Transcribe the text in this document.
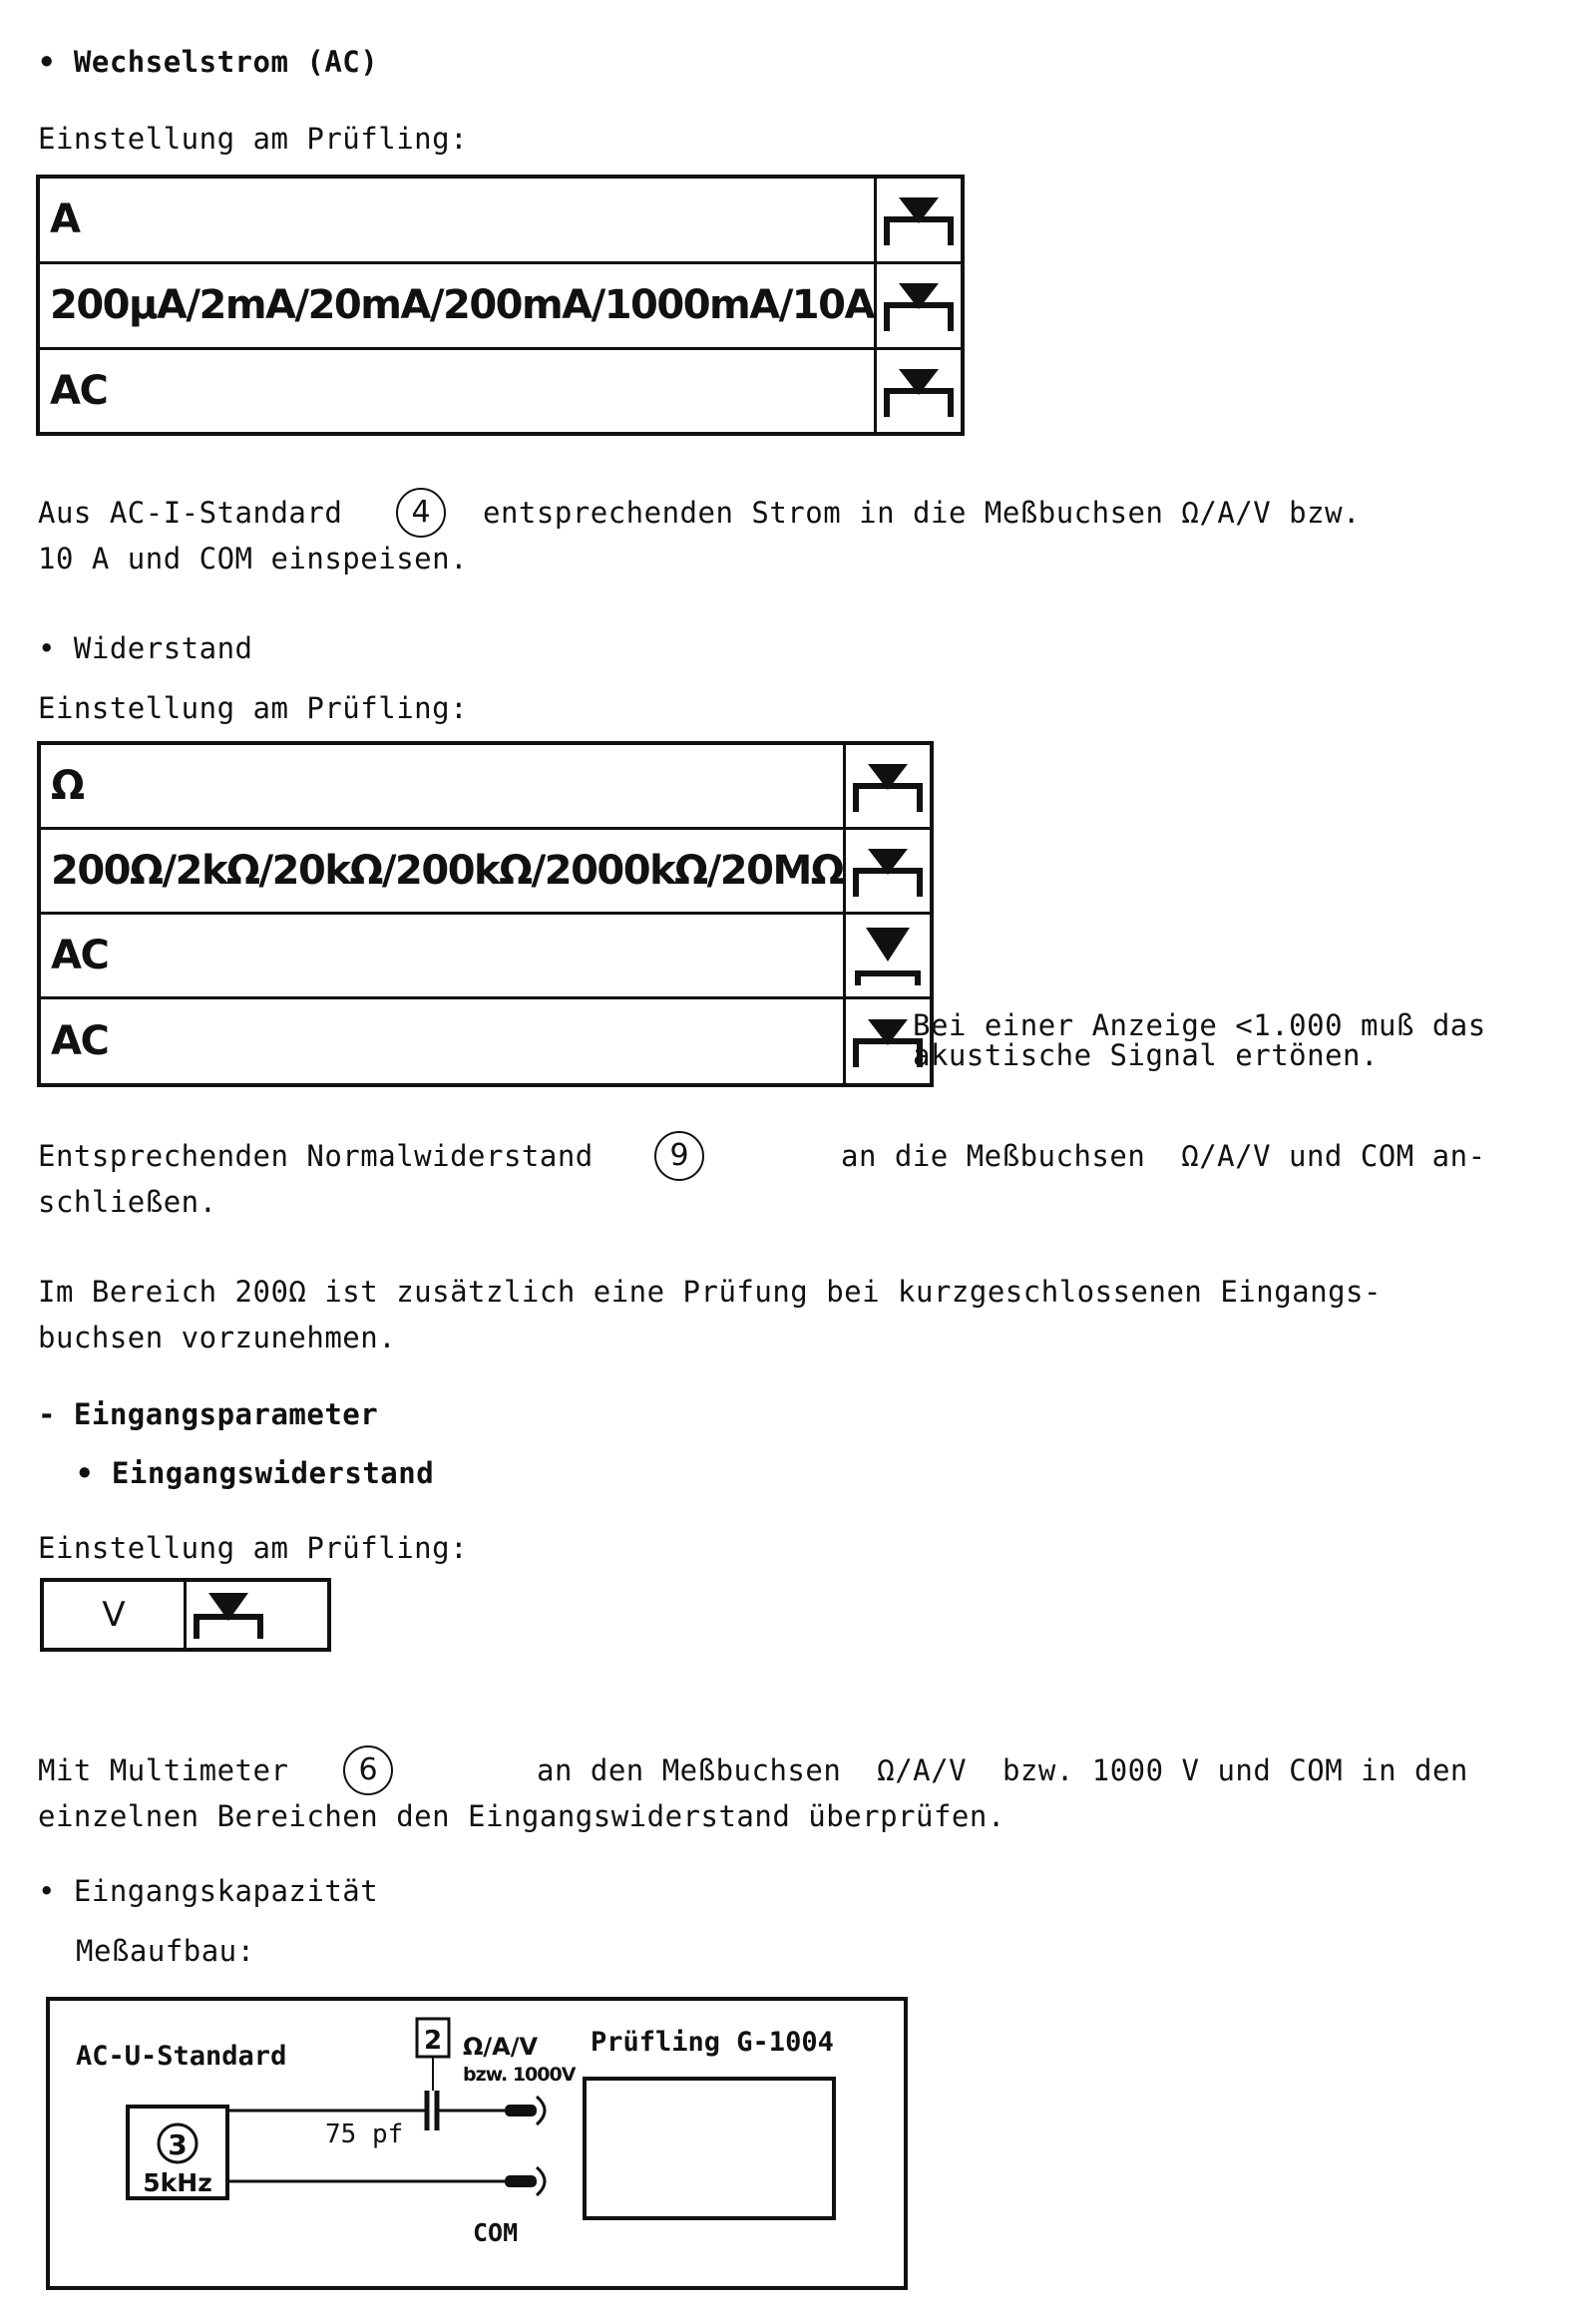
• Wechselstrom (AC)
Einstellung am Prüfling:
A	

200µA/2mA/20mA/200mA/1000mA/10A	

AC	
Aus AC-I-Standard	4	entsprechenden Strom in die Meßbuchsen Ω/A/V bzw.
10 A und COM einspeisen.
• Widerstand
Einstellung am Prüfling:
Ω	

200Ω/2kΩ/20kΩ/200kΩ/2000kΩ/20MΩ	

AC	

AC		Bei einer Anzeige <1.000 muß das
akustische Signal ertönen.
Entsprechenden Normalwiderstand	9	an die Meßbuchsen  Ω/A/V und COM an-
schließen.
Im Bereich 200Ω ist zusätzlich eine Prüfung bei kurzgeschlossenen Eingangs-
buchsen vorzunehmen.
- Eingangsparameter
• Eingangswiderstand
Einstellung am Prüfling:
V	
Mit Multimeter	6	an den Meßbuchsen  Ω/A/V  bzw. 1000 V und COM in den
einzelnen Bereichen den Eingangswiderstand überprüfen.
• Eingangskapazität
Meßaufbau:
AC-U-Standard
3
5kHz
75 pf
2 Ω/A/V
bzw. 1000V
COM
Prüfling G-1004
